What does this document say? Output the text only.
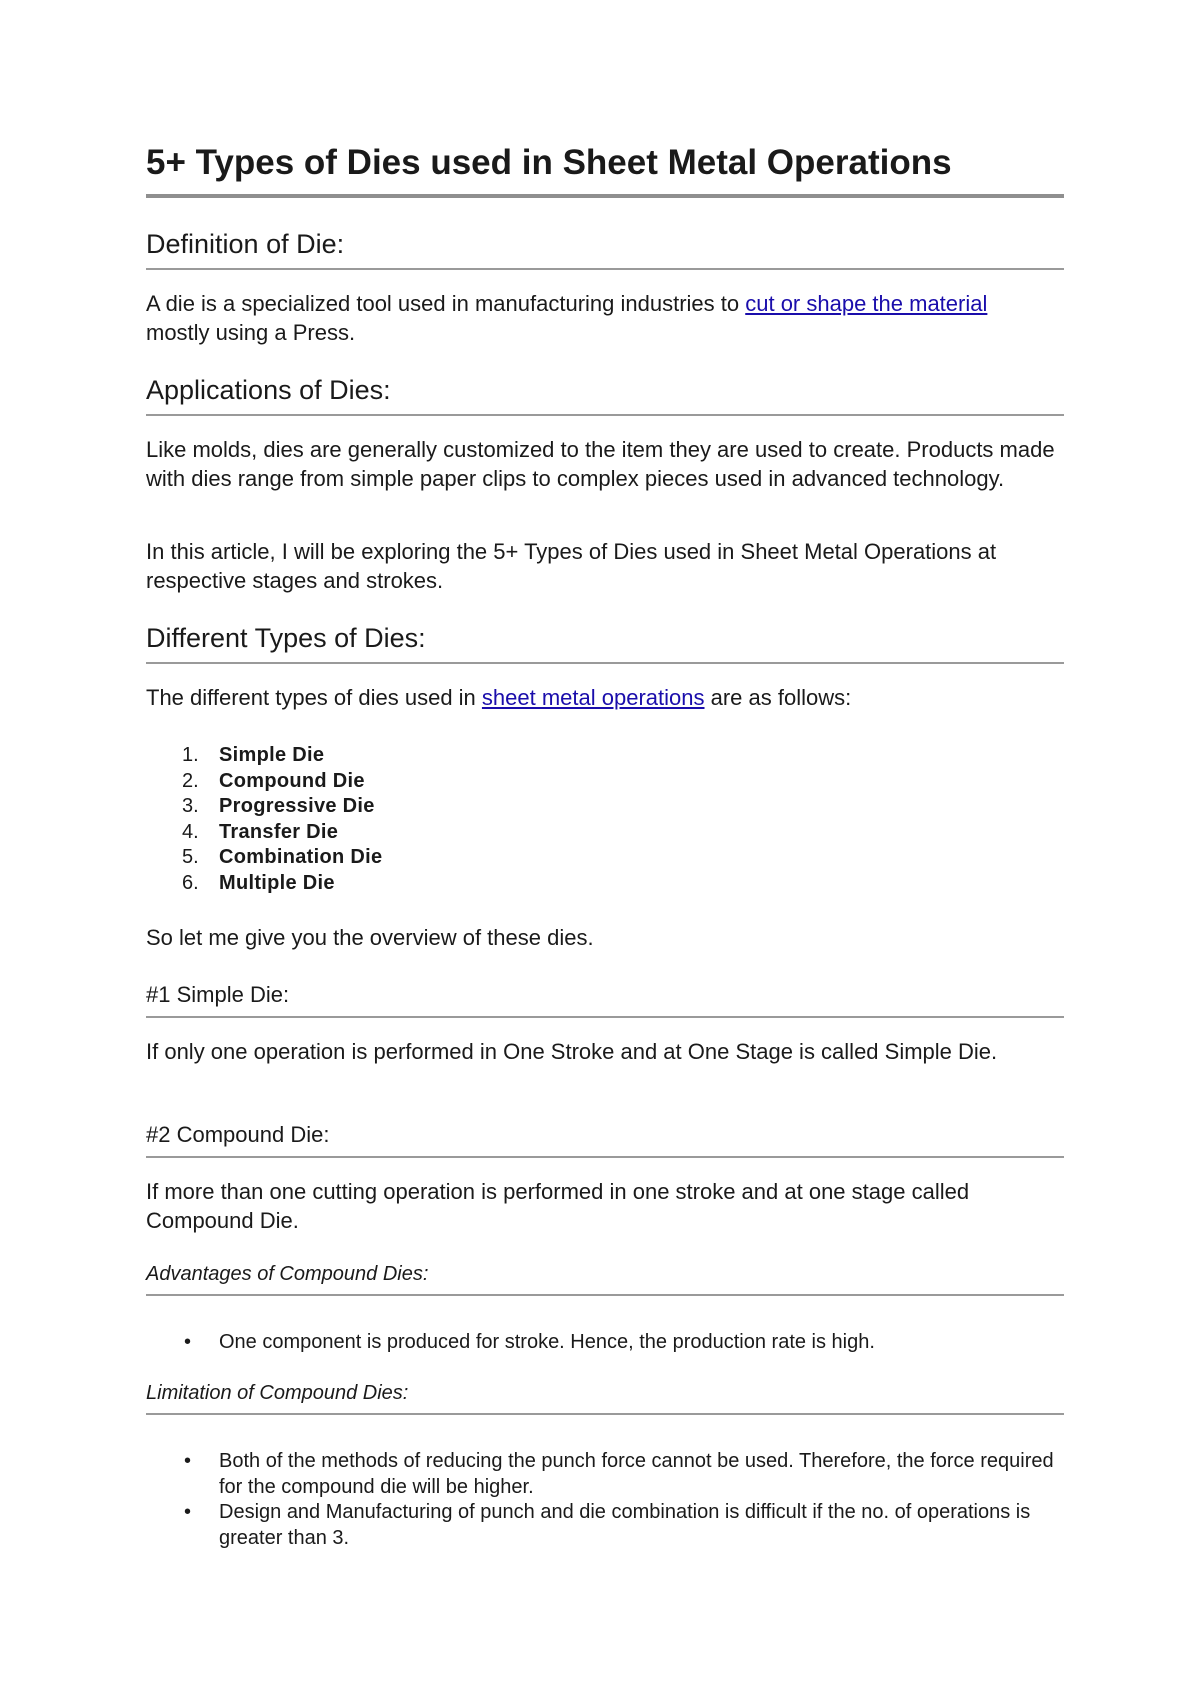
5+ Types of Dies used in Sheet Metal Operations
Definition of Die:

A die is a specialized tool used in manufacturing industries to cut or shape the material mostly using a Press.

Applications of Dies:

Like molds, dies are generally customized to the item they are used to create. Products made with dies range from simple paper clips to complex pieces used in advanced technology.

In this article, I will be exploring the 5+ Types of Dies used in Sheet Metal Operations at respective stages and strokes.

Different Types of Dies:

The different types of dies used in sheet metal operations are as follows:

1.	Simple Die
2.	Compound Die
3.	Progressive Die
4.	Transfer Die
5.	Combination Die
6.	Multiple Die

So let me give you the overview of these dies.

#1 Simple Die:

If only one operation is performed in One Stroke and at One Stage is called Simple Die.

#2 Compound Die:

If more than one cutting operation is performed in one stroke and at one stage called Compound Die.

Advantages of Compound Dies:
• One component is produced for stroke. Hence, the production rate is high.
Limitation of Compound Dies:
• Both of the methods of reducing the punch force cannot be used. Therefore, the force required for the compound die will be higher.
• Design and Manufacturing of punch and die combination is difficult if the no. of operations is greater than 3.
